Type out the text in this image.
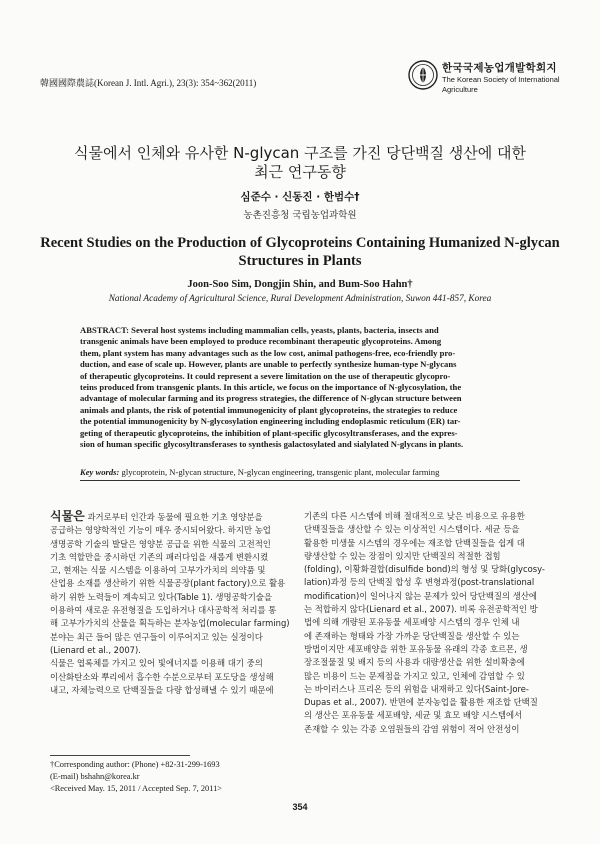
韓國國際農誌(Korean J. Intl. Agri.), 23(3): 354~362(2011)
한국국제농업개발학회지
The Korean Society of International
Agriculture
식물에서 인체와 유사한 N-glycan 구조를 가진 당단백질 생산에 대한
최근 연구동향
심준수 · 신동진 · 한범수†
농촌진흥청 국립농업과학원
Recent Studies on the Production of Glycoproteins Containing Humanized N-glycan
Structures in Plants
Joon-Soo Sim, Dongjin Shin, and Bum-Soo Hahn†
National Academy of Agricultural Science, Rural Development Administration, Suwon 441-857, Korea
ABSTRACT: Several host systems including mammalian cells, yeasts, plants, bacteria, insects and
transgenic animals have been employed to produce recombinant therapeutic glycoproteins. Among
them, plant system has many advantages such as the low cost, animal pathogens-free, eco-friendly pro-
duction, and ease of scale up. However, plants are unable to perfectly synthesize human-type N-glycans
of therapeutic glycoproteins. It could represent a severe limitation on the use of therapeutic glycopro-
teins produced from transgenic plants. In this article, we focus on the importance of N-glycosylation, the
advantage of molecular farming and its progress strategies, the difference of N-glycan structure between
animals and plants, the risk of potential immunogenicity of plant glycoproteins, the strategies to reduce
the potential immunogenicity by N-glycosylation engineering including endoplasmic reticulum (ER) tar-
geting of therapeutic glycoproteins, the inhibition of plant-specific glycosyltransferases, and the expres-
sion of human specific glycosyltransferases to synthesis galactosylated and sialylated N-glycans in plants.
Key words: glycoprotein, N-glycan structure, N-glycan engineering, transgenic plant, molecular farming
식물은 과거로부터 인간과 동물에 필요한 기초 영양분을
공급하는 영양학적인 기능이 매우 중시되어왔다. 하지만 농업
생명공학 기술의 발달은 영양분 공급을 위한 식물의 고전적인
기초 역할만을 중시하던 기존의 패러다임을 새롭게 변환시켰
고, 현재는 식물 시스템을 이용하여 고부가가치의 의약품 및
산업용 소재를 생산하기 위한 식물공장(plant factory)으로 활용
하기 위한 노력들이 계속되고 있다(Table 1). 생명공학기술을
이용하여 새로운 유전형질을 도입하거나 대사공학적 처리를 통
해 고부가가치의 산물을 획득하는 분자농업(molecular farming)
분야는 최근 들어 많은 연구들이 이루어지고 있는 실정이다
(Lienard et al., 2007).
식물은 엽록체를 가지고 있어 빛에너지를 이용해 대기 중의
이산화탄소와 뿌리에서 흡수한 수분으로부터 포도당을 생성해
내고, 자체능력으로 단백질들을 다량 합성해낼 수 있기 때문에
기존의 다른 시스템에 비해 절대적으로 낮은 비용으로 유용한
단백질들을 생산할 수 있는 이상적인 시스템이다. 세균 등을
활용한 미생물 시스템의 경우에는 재조합 단백질들을 쉽게 대
량생산할 수 있는 장점이 있지만 단백질의 적절한 접힘
(folding), 이황화결합(disulfide bond)의 형성 및 당화(glycosy-
lation)과정 등의 단백질 합성 후 변형과정(post-translational
modification)이 일어나지 않는 문제가 있어 당단백질의 생산에
는 적합하지 않다(Lienard et al., 2007). 비록 유전공학적인 방
법에 의해 개량된 포유동물 세포배양 시스템의 경우 인체 내
에 존재하는 형태와 가장 가까운 당단백질을 생산할 수 있는
방법이지만 세포배양을 위한 포유동물 유래의 각종 호르몬, 생
장조절물질 및 배지 등의 사용과 대량생산을 위한 설비확충에
많은 비용이 드는 문제점을 가지고 있고, 인체에 감염할 수 있
는 바이러스나 프리온 등의 위험을 내재하고 있다(Saint-Jore-
Dupas et al., 2007). 반면에 분자농업을 활용한 재조합 단백질
의 생산은 포유동물 세포배양, 세균 및 효모 배양 시스템에서
존재할 수 있는 각종 오염원들의 감염 위험이 적어 안전성이
†Corresponding author: (Phone) +82-31-299-1693
(E-mail) bshahn@korea.kr
<Received May. 15, 2011 / Accepted Sep. 7, 2011>
354
